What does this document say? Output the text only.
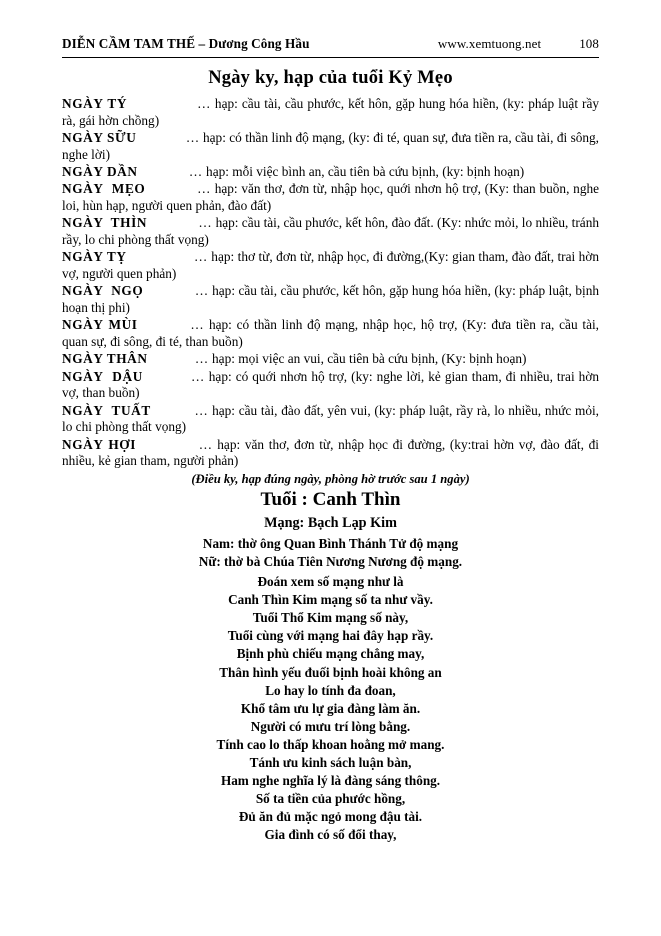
DIỄN CẦM TAM THẾ – Dương Công Hầu	www.xemtuong.net	108
Ngày ky, hạp của tuổi Kỷ Mẹo
NGÀY TÝ	… hạp: cầu tài, cầu phước, kết hôn, gặp hung hóa hiền, (ky: pháp luật rầy rà, gái hờn chồng)
NGÀY SỮU	… hạp: có thần linh độ mạng, (ky: đi té, quan sự, đưa tiền ra, cầu tài, đi sông, nghe lời)
NGÀY DẦN	… hạp: mỗi việc bình an, cầu tiên bà cứu bịnh, (ky: bịnh hoạn)
NGÀY  MẸO	… hạp: văn thơ, đơn từ, nhập học, quới nhơn hộ trợ, (Ky: than buồn, nghe loi, hùn hạp, người quen phản, đào đất)
NGÀY  THÌN	… hạp: cầu tài, cầu phước, kết hôn, đào đất. (Ky: nhức mỏi, lo nhiều, tránh rầy, lo chi phòng thất vọng)
NGÀY TỴ	… hạp: thơ từ, đơn từ, nhập học, đi đường,(Ky: gian tham, đào đất, trai hờn vợ, người quen phản)
NGÀY  NGỌ	… hạp: cầu tài, cầu phước, kết hôn, gặp hung hóa hiền, (ky: pháp luật, bịnh hoạn thị phi)
NGÀY MÙI	… hạp: có thần linh độ mạng, nhập học, hộ trợ, (Ky: đưa tiền ra, cầu tài, quan sự, đi sông, đi té, than buồn)
NGÀY THÂN	… hạp: mọi việc an vui, cầu tiên bà cứu bịnh, (Ky: bịnh hoạn)
NGÀY  DẬU	… hạp: có quới nhơn hộ trợ, (ky: nghe lời, kẻ gian tham, đi nhiều, trai hờn vợ, than buồn)
NGÀY  TUẤT	… hạp: cầu tài, đào đất, yên vui, (ky: pháp luật, rầy rà, lo nhiều, nhức mỏi, lo chi phòng thất vọng)
NGÀY HỢI	… hạp: văn thơ, đơn từ, nhập học đi đường, (ky:trai hờn vợ, đào đất, đi nhiều, kẻ gian tham, người phản)
(Điều ky, hạp đúng ngày, phòng hờ trước sau 1 ngày)
Tuổi : Canh Thìn
Mạng: Bạch Lạp Kim
Nam: thờ ông Quan Bình Thánh Tử độ mạng
Nữ: thờ bà Chúa Tiên Nương Nương độ mạng.
Đoán xem số mạng như là
Canh Thìn Kim mạng số ta như vầy.
Tuổi Thổ Kim mạng số này,
Tuổi cùng với mạng hai đây hạp rầy.
Bịnh phù chiếu mạng chẳng may,
Thân hình yếu đuối bịnh hoài không an
Lo hay lo tính đa đoan,
Khổ tâm ưu lự gia đàng làm ăn.
Người có mưu trí lòng bằng.
Tính cao lo thấp khoan hoằng mở mang.
Tánh ưu kinh sách luận bàn,
Ham nghe nghĩa lý là đàng sáng thông.
Số ta tiền của phước hồng,
Đủ ăn đủ mặc ngỏ mong đậu tài.
Gia đình có số đổi thay,
